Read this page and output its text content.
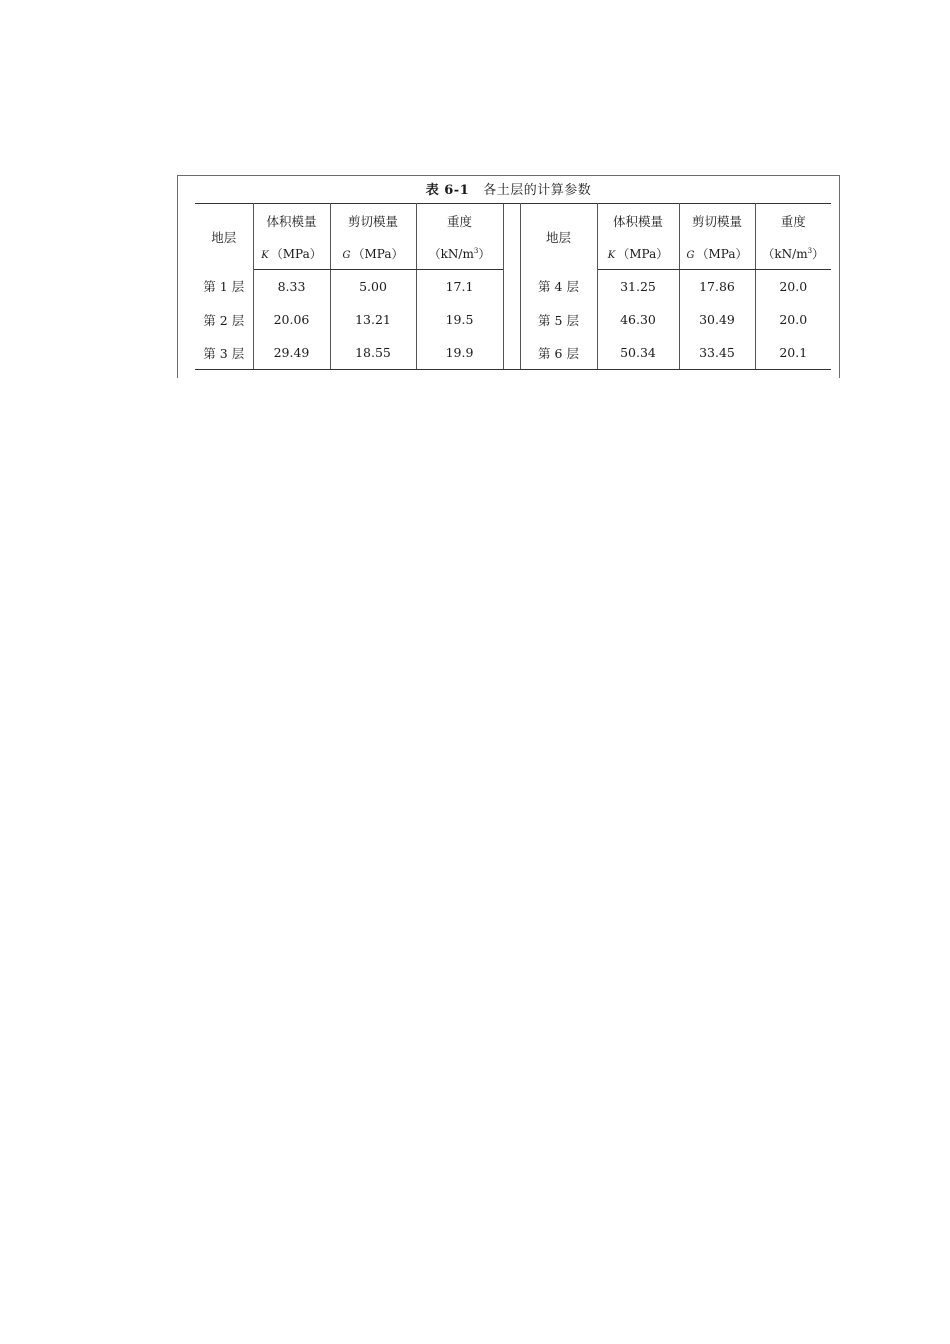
表 6-1 各土层的计算参数
地层	体积模量	剪切模量	重度		地层	体积模量	剪切模量	重度
	K （MPa）	G （MPa）	$(kN/m^3)$			K （MPa）	G （MPa）	$(kN/m^3)$
第 1 层	8.33	5.00	17.1		第 4 层	31.25	17.86	20.0
第 2 层	20.06	13.21	19.5		第 5 层	46.30	30.49	20.0
第 3 层	29.49	18.55	19.9		第 6 层	50.34	33.45	20.1
